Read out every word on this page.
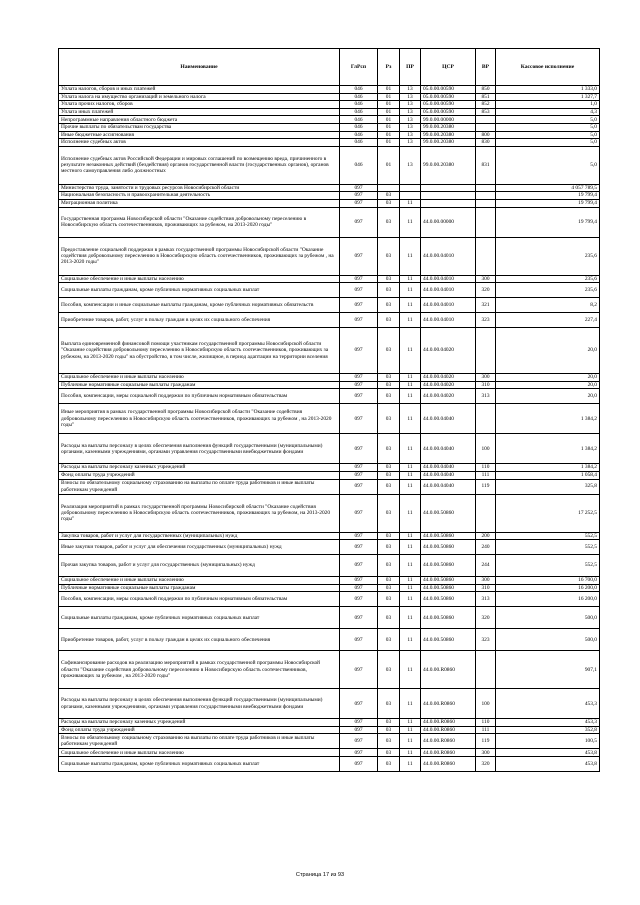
Наименование	ГлРсп	Рз	ПР	ЦСР	ВР	Кассовое исполнение
Уплата налогов, сборов и иных платежей	046	01	13	05.0.00.00590	850	1 333,0
Уплата налога на имущество организаций и земельного налога	046	01	13	05.0.00.00590	851	1 327,7
Уплата прочих налогов, сборов	046	01	13	05.0.00.00590	852	1,0
Уплата иных платежей	046	01	13	05.0.00.00590	853	4,3
Непрограммные направления областного бюджета	046	01	13	99.0.00.00000		5,0
Прочие выплаты по обязательствам государства	046	01	13	99.0.00.20380		5,0
Иные бюджетные ассигнования	046	01	13	99.0.00.20380	800	5,0
Исполнение судебных актов	046	01	13	99.0.00.20380	830	5,0
Исполнение судебных актов Российской Федерации и мировых соглашений по возмещению вреда, причиненного в результате незаконных действий (бездействия) органов государственной власти (государственных органов), органов местного самоуправления либо должностных	046	01	13	99.0.00.20380	831	5,0
Министерство труда, занятости и трудовых ресурсов Новосибирской области	097					4 057 789,5
Национальная безопасность и правоохранительная деятельность	097	03				19 799,4
Миграционная политика	097	03	11			19 799,4
Государственная программа Новосибирской области "Оказание содействия добровольному переселению в Новосибирскую область соотечественников, проживающих за рубежом, на 2013-2020 годы"	097	03	11	44.0.00.00000		19 799,4
Предоставление социальной поддержки в рамках государственной программы Новосибирской области "Оказание содействия добровольному переселению в Новосибирскую область соотечественников, проживающих за рубежом , на 2013-2020 годы"	097	03	11	44.0.00.04010		235,6
Социальное обеспечение и иные выплаты населению	097	03	11	44.0.00.04010	300	235,6
Социальные выплаты гражданам, кроме публичных нормативных социальных выплат	097	03	11	44.0.00.04010	320	235,6
Пособия, компенсации и иные социальные выплаты гражданам, кроме публичных нормативных обязательств	097	03	11	44.0.00.04010	321	8,2
Приобретение товаров, работ, услуг в пользу граждан в целях их социального обеспечения	097	03	11	44.0.00.04010	323	227,4
Выплата единовременной финансовой помощи участникам государственной программы Новосибирской области "Оказание содействия добровольному переселению в Новосибирскую область соотечественников, проживающих за рубежом, на 2013-2020 годы" на обустройство, в том числе, жилищное, в период адаптации на территории вселения	097	03	11	44.0.00.04020		20,0
Социальное обеспечение и иные выплаты населению	097	03	11	44.0.00.04020	300	20,0
Публичные нормативные социальные выплаты гражданам	097	03	11	44.0.00.04020	310	20,0
Пособия, компенсации, меры социальной поддержки по публичным нормативным обязательствам	097	03	11	44.0.00.04020	313	20,0
Иные мероприятия в рамках государственной программы Новосибирской области "Оказание содействия добровольному переселению в Новосибирскую область соотечественников, проживающих за рубежом , на 2013-2020 годы"	097	03	11	44.0.00.04040		1 384,2
Расходы на выплаты персоналу в целях обеспечения выполнения функций государственными (муниципальными) органами, казенными учреждениями, органами управления государственными внебюджетными фондами	097	03	11	44.0.00.04040	100	1 384,2
Расходы на выплаты персоналу казенных учреждений	097	03	11	44.0.00.04040	110	1 384,2
Фонд оплаты труда учреждений	097	03	11	44.0.00.04040	111	1 058,4
Взносы по обязательному социальному страхованию на выплаты по оплате труда работников и иные выплаты работникам учреждений	097	03	11	44.0.00.04040	119	325,8
Реализация мероприятий в рамках государственной программы Новосибирской области "Оказание содействия добровольному переселению в Новосибирскую область соотечественников, проживающих за рубежом, на 2013-2020 годы"	097	03	11	44.0.00.50860		17 252,5
Закупка товаров, работ и услуг для государственных (муниципальных) нужд	097	03	11	44.0.00.50860	200	552,5
Иные закупки товаров, работ и услуг для обеспечения государственных (муниципальных) нужд	097	03	11	44.0.00.50860	240	552,5
Прочая закупка товаров, работ и услуг для государственных (муниципальных) нужд	097	03	11	44.0.00.50860	244	552,5
Социальное обеспечение и иные выплаты населению	097	03	11	44.0.00.50860	300	16 700,0
Публичные нормативные социальные выплаты гражданам	097	03	11	44.0.00.50860	310	16 200,0
Пособия, компенсации, меры социальной поддержки по публичным нормативным обязательствам	097	03	11	44.0.00.50860	313	16 200,0
Социальные выплаты гражданам, кроме публичных нормативных социальных выплат	097	03	11	44.0.00.50860	320	500,0
Приобретение товаров, работ, услуг в пользу граждан в целях их социального обеспечения	097	03	11	44.0.00.50860	323	500,0
Софинансирование расходов на реализацию мероприятий в рамках государственной программы Новосибирской области "Оказание содействия добровольному переселению в Новосибирскую область соотечественников, проживающих за рубежом , на 2013-2020 годы"	097	03	11	44.0.00.R0860		907,1
Расходы на выплаты персоналу в целях обеспечения выполнения функций государственными (муниципальными) органами, казенными учреждениями, органами управления государственными внебюджетными фондами	097	03	11	44.0.00.R0860	100	453,3
Расходы на выплаты персоналу казенных учреждений	097	03	11	44.0.00.R0860	110	453,3
Фонд оплаты труда учреждений	097	03	11	44.0.00.R0860	111	352,8
Взносы по обязательному социальному страхованию на выплаты по оплате труда работников и иные выплаты работникам учреждений	097	03	11	44.0.00.R0860	119	100,5
Социальное обеспечение и иные выплаты населению	097	03	11	44.0.00.R0860	300	453,8
Социальные выплаты гражданам, кроме публичных нормативных социальных выплат	097	03	11	44.0.00.R0860	320	453,8
Страница 17 из 93
